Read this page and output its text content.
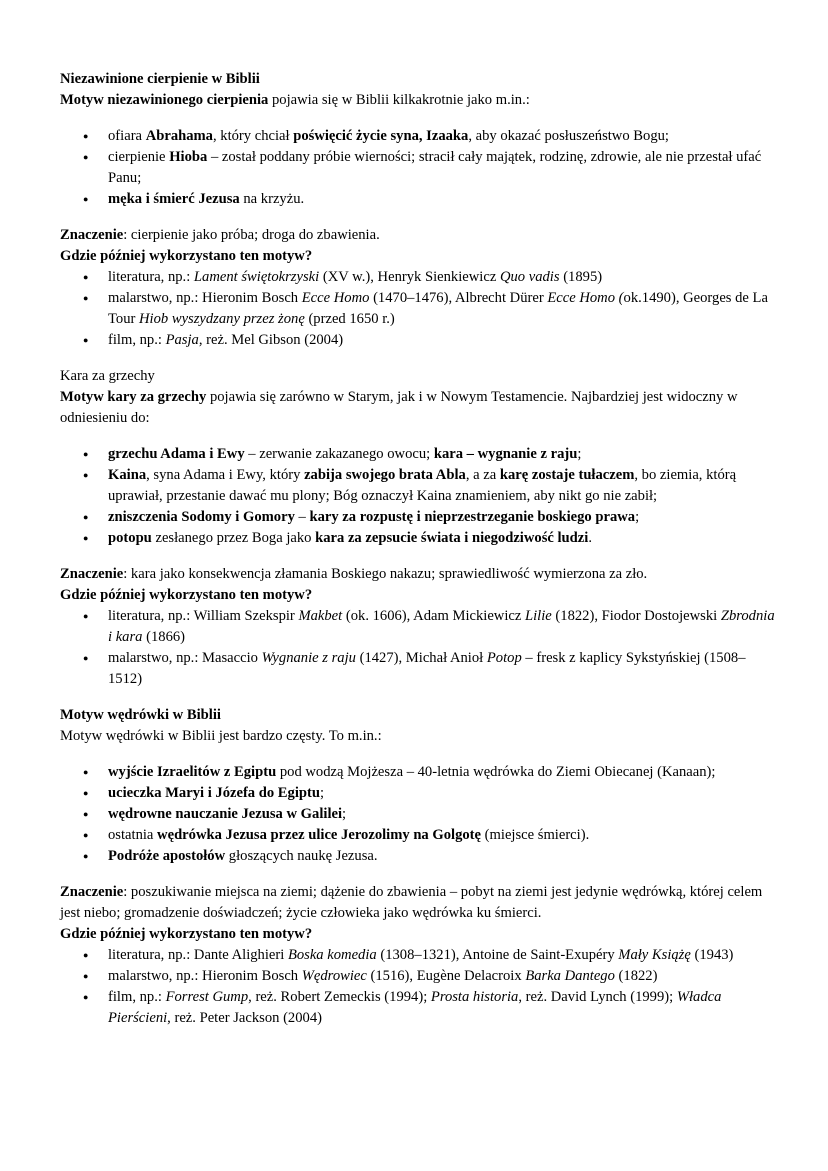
Niezawinione cierpienie w Biblii
Motyw niezawinionego cierpienia pojawia się w Biblii kilkakrotnie jako m.in.:
● ofiara Abrahama, który chciał poświęcić życie syna, Izaaka, aby okazać posłuszeństwo Bogu;
● cierpienie Hioba – został poddany próbie wierności; stracił cały majątek, rodzinę, zdrowie, ale nie przestał ufać Panu;
● męka i śmierć Jezusa na krzyżu.
Znaczenie: cierpienie jako próba; droga do zbawienia.
Gdzie później wykorzystano ten motyw?
● literatura, np.: Lament świętokrzyski (XV w.), Henryk Sienkiewicz Quo vadis (1895)
● malarstwo, np.: Hieronim Bosch Ecce Homo (1470–1476), Albrecht Dürer Ecce Homo (ok.1490), Georges de La Tour Hiob wyszydzany przez żonę (przed 1650 r.)
● film, np.: Pasja, reż. Mel Gibson (2004)
Kara za grzechy
Motyw kary za grzechy pojawia się zarówno w Starym, jak i w Nowym Testamencie. Najbardziej jest widoczny w odniesieniu do:
● grzechu Adama i Ewy – zerwanie zakazanego owocu; kara – wygnanie z raju;
● Kaina, syna Adama i Ewy, który zabija swojego brata Abla, a za karę zostaje tułaczem, bo ziemia, którą uprawiał, przestanie dawać mu plony; Bóg oznaczył Kaina znamieniem, aby nikt go nie zabił;
● zniszczenia Sodomy i Gomory – kary za rozpustę i nieprzestrzeganie boskiego prawa;
● potopu zesłanego przez Boga jako kara za zepsucie świata i niegodziwość ludzi.
Znaczenie: kara jako konsekwencja złamania Boskiego nakazu; sprawiedliwość wymierzona za zło.
Gdzie później wykorzystano ten motyw?
● literatura, np.: William Szekspir Makbet (ok. 1606), Adam Mickiewicz Lilie (1822), Fiodor Dostojewski Zbrodnia i kara (1866)
● malarstwo, np.: Masaccio Wygnanie z raju (1427), Michał Anioł Potop – fresk z kaplicy Sykstyńskiej (1508–1512)
Motyw wędrówki w Biblii
Motyw wędrówki w Biblii jest bardzo częsty. To m.in.:
● wyjście Izraelitów z Egiptu pod wodzą Mojżesza – 40-letnia wędrówka do Ziemi Obiecanej (Kanaan);
● ucieczka Maryi i Józefa do Egiptu;
● wędrowne nauczanie Jezusa w Galilei;
● ostatnia wędrówka Jezusa przez ulice Jerozolimy na Golgotę (miejsce śmierci).
● Podróże apostołów głoszących naukę Jezusa.
Znaczenie: poszukiwanie miejsca na ziemi; dążenie do zbawienia – pobyt na ziemi jest jedynie wędrówką, której celem jest niebo; gromadzenie doświadczeń; życie człowieka jako wędrówka ku śmierci.
Gdzie później wykorzystano ten motyw?
● literatura, np.: Dante Alighieri Boska komedia (1308–1321), Antoine de Saint-Exupéry Mały Książę (1943)
● malarstwo, np.: Hieronim Bosch Wędrowiec (1516), Eugène Delacroix Barka Dantego (1822)
● film, np.: Forrest Gump, reż. Robert Zemeckis (1994); Prosta historia, reż. David Lynch (1999); Władca Pierścieni, reż. Peter Jackson (2004)
